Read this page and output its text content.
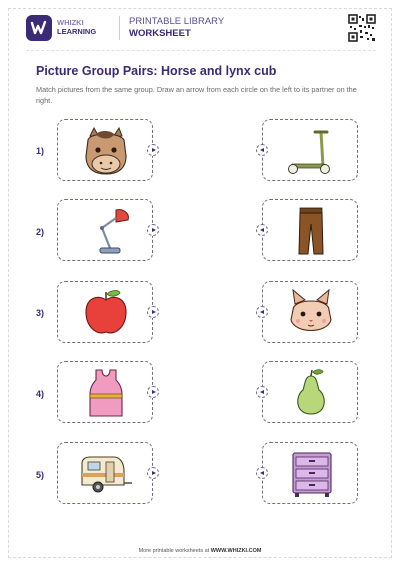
WHIZKI
LEARNING
PRINTABLE LIBRARY
WORKSHEET
Picture Group Pairs: Horse and lynx cub
Match pictures from the same group. Draw an arrow from each circle on the left to its partner on the right.
1)
2)
3)
4)
5)
More printable worksheets at WWW.WHIZKI.COM
